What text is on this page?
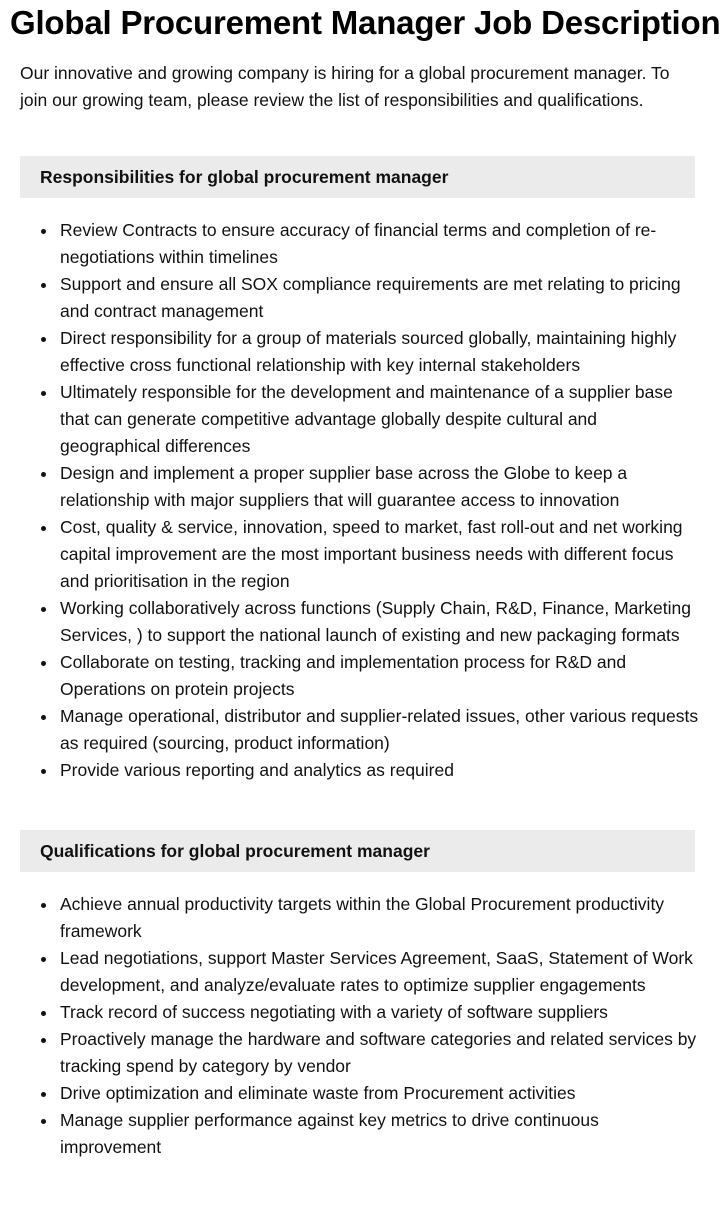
Global Procurement Manager Job Description

Our innovative and growing company is hiring for a global procurement manager. To join our growing team, please review the list of responsibilities and qualifications.

Responsibilities for global procurement manager
Review Contracts to ensure accuracy of financial terms and completion of re-negotiations within timelines
Support and ensure all SOX compliance requirements are met relating to pricing and contract management
Direct responsibility for a group of materials sourced globally, maintaining highly effective cross functional relationship with key internal stakeholders
Ultimately responsible for the development and maintenance of a supplier base that can generate competitive advantage globally despite cultural and geographical differences
Design and implement a proper supplier base across the Globe to keep a relationship with major suppliers that will guarantee access to innovation
Cost, quality & service, innovation, speed to market, fast roll-out and net working capital improvement are the most important business needs with different focus and prioritisation in the region
Working collaboratively across functions (Supply Chain, R&D, Finance, Marketing Services, ) to support the national launch of existing and new packaging formats
Collaborate on testing, tracking and implementation process for R&D and Operations on protein projects
Manage operational, distributor and supplier-related issues, other various requests as required (sourcing, product information)
Provide various reporting and analytics as required
Qualifications for global procurement manager
Achieve annual productivity targets within the Global Procurement productivity framework
Lead negotiations, support Master Services Agreement, SaaS, Statement of Work development, and analyze/evaluate rates to optimize supplier engagements
Track record of success negotiating with a variety of software suppliers
Proactively manage the hardware and software categories and related services by tracking spend by category by vendor
Drive optimization and eliminate waste from Procurement activities
Manage supplier performance against key metrics to drive continuous improvement
